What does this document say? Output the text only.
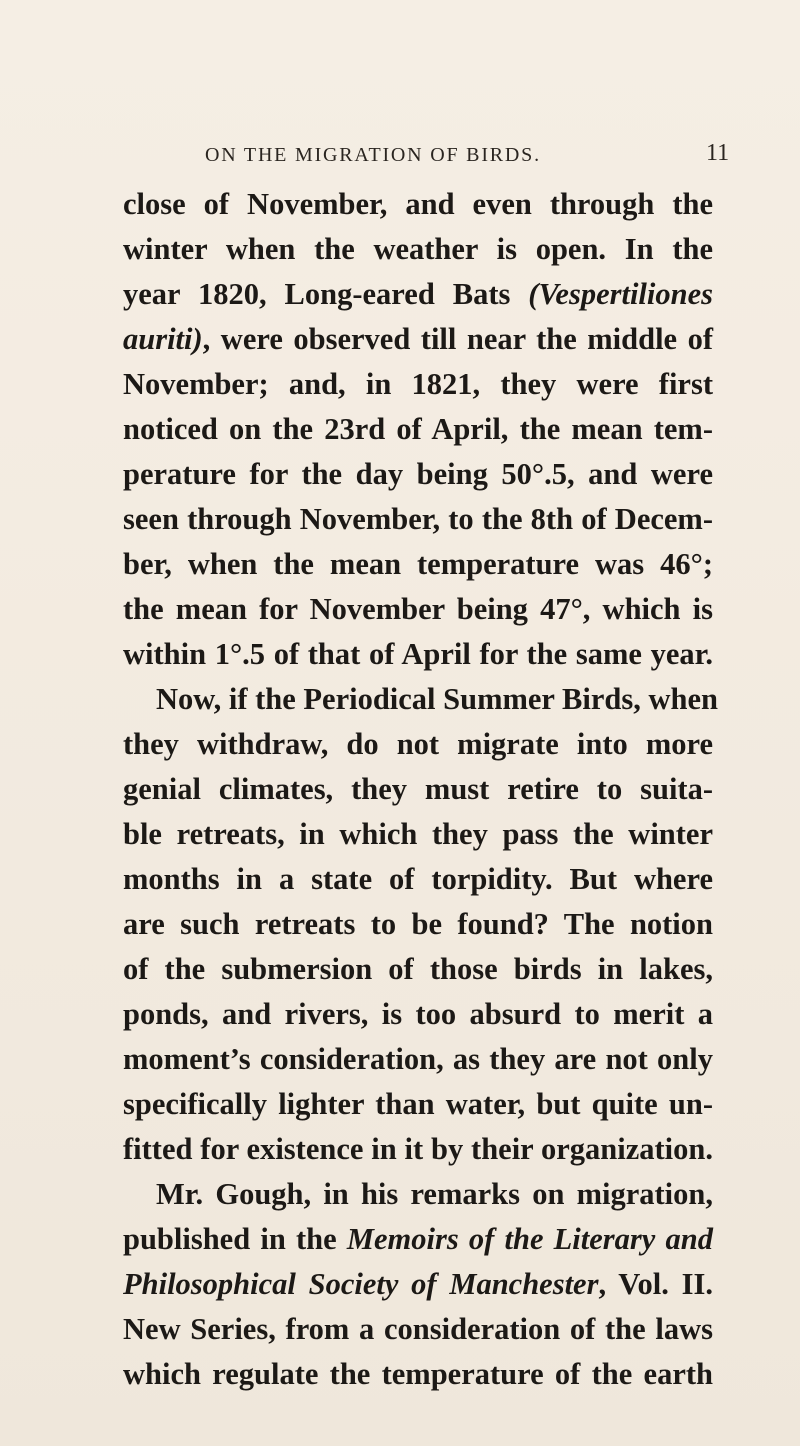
ON THE MIGRATION OF BIRDS.	11
close of November, and even through the
winter when the weather is open. In the
year 1820, Long-eared Bats (Vespertiliones
auriti), were observed till near the middle of
November; and, in 1821, they were first
noticed on the 23rd of April, the mean tem-
perature for the day being 50°.5, and were
seen through November, to the 8th of Decem-
ber, when the mean temperature was 46°;
the mean for November being 47°, which is
within 1°.5 of that of April for the same year.
Now, if the Periodical Summer Birds, when
they withdraw, do not migrate into more
genial climates, they must retire to suita-
ble retreats, in which they pass the winter
months in a state of torpidity. But where
are such retreats to be found? The notion
of the submersion of those birds in lakes,
ponds, and rivers, is too absurd to merit a
moment’s consideration, as they are not only
specifically lighter than water, but quite un-
fitted for existence in it by their organization.
Mr. Gough, in his remarks on migration,
published in the Memoirs of the Literary and
Philosophical Society of Manchester, Vol. II.
New Series, from a consideration of the laws
which regulate the temperature of the earth
